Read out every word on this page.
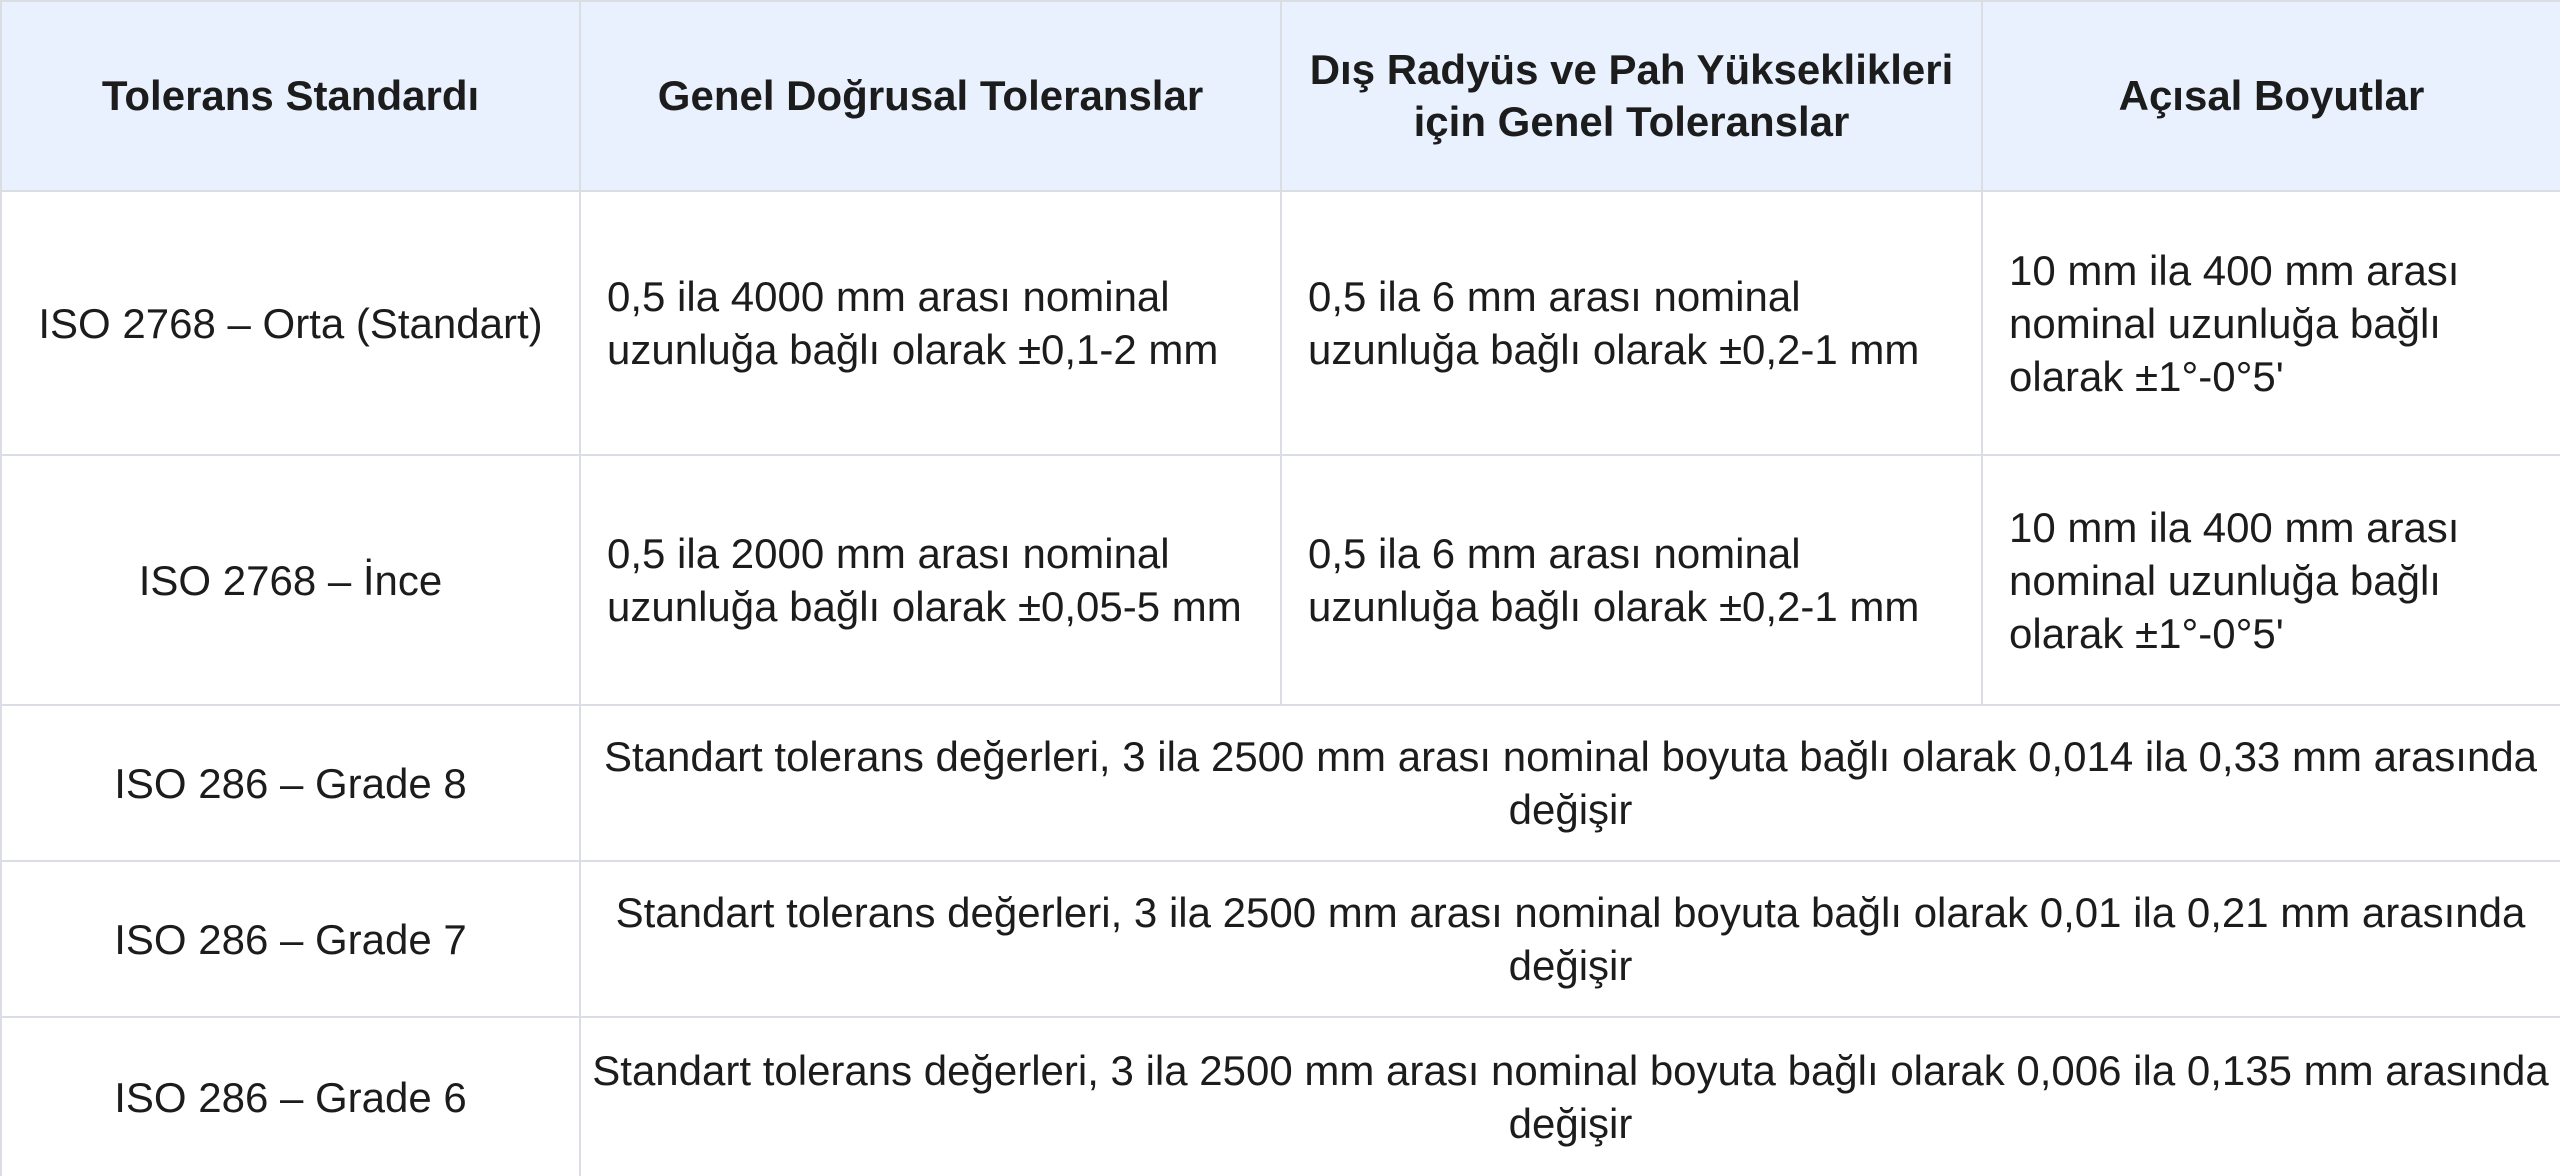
Tolerans Standardı	Genel Doğrusal Toleranslar	Dış Radyüs ve Pah Yükseklikleri için Genel Toleranslar	Açısal Boyutlar
ISO 2768 – Orta (Standart)	0,5 ila 4000 mm arası nominal uzunluğa bağlı olarak ±0,1-2 mm	0,5 ila 6 mm arası nominal uzunluğa bağlı olarak ±0,2-1 mm	10 mm ila 400 mm arası nominal uzunluğa bağlı olarak ±1°-0°5'
ISO 2768 – İnce	0,5 ila 2000 mm arası nominal uzunluğa bağlı olarak ±0,05-5 mm	0,5 ila 6 mm arası nominal uzunluğa bağlı olarak ±0,2-1 mm	10 mm ila 400 mm arası nominal uzunluğa bağlı olarak ±1°-0°5'
ISO 286 – Grade 8	Standart tolerans değerleri, 3 ila 2500 mm arası nominal boyuta bağlı olarak 0,014 ila 0,33 mm arasında değişir		
ISO 286 – Grade 7	Standart tolerans değerleri, 3 ila 2500 mm arası nominal boyuta bağlı olarak 0,01 ila 0,21 mm arasında değişir		
ISO 286 – Grade 6	Standart tolerans değerleri, 3 ila 2500 mm arası nominal boyuta bağlı olarak 0,006 ila 0,135 mm arasında değişir		
